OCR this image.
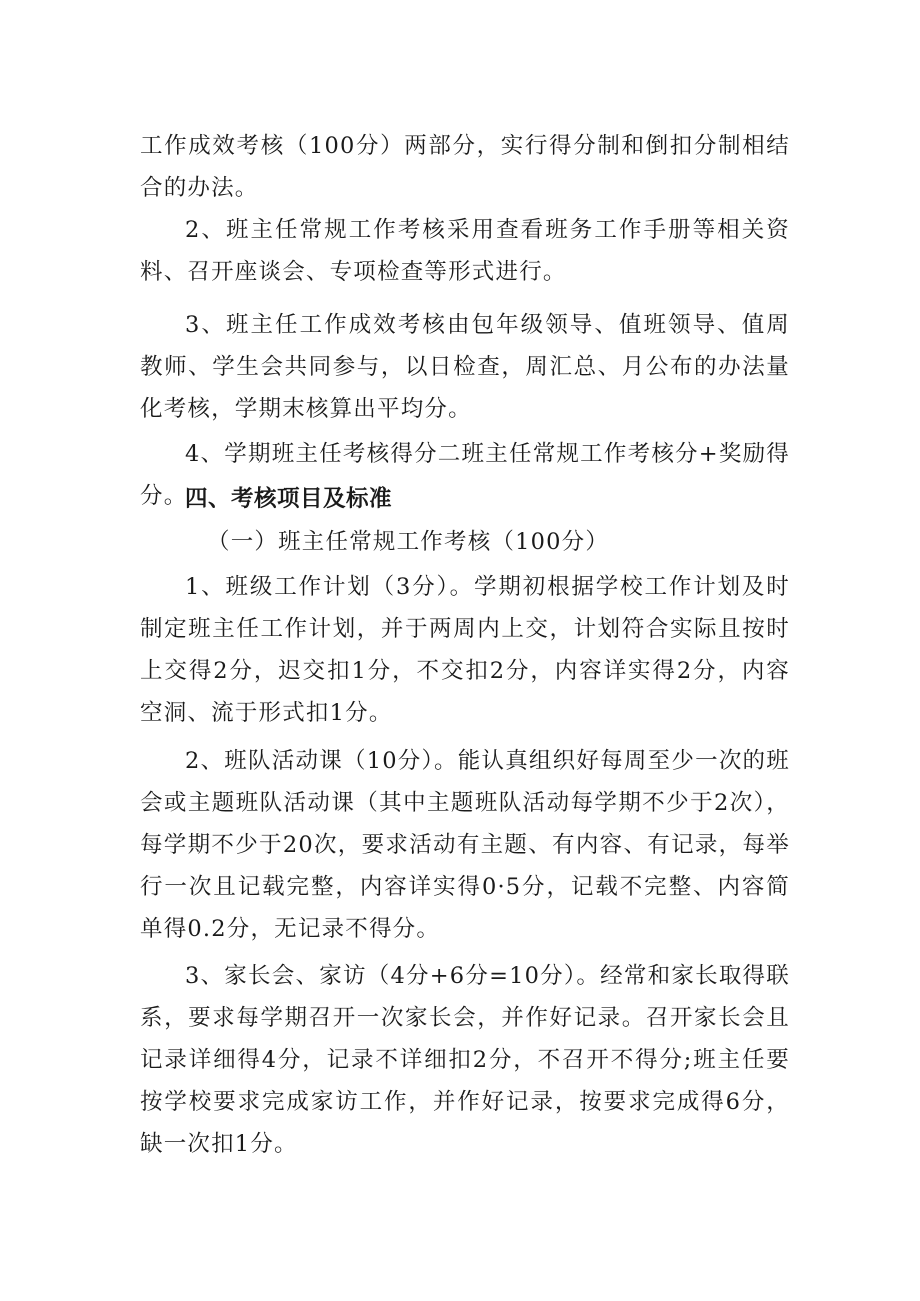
工作成效考核（100分）两部分，实行得分制和倒扣分制相结合的办法。

2、班主任常规工作考核采用查看班务工作手册等相关资料、召开座谈会、专项检查等形式进行。

3、班主任工作成效考核由包年级领导、值班领导、值周教师、学生会共同参与，以日检查，周汇总、月公布的办法量化考核，学期末核算出平均分。

4、学期班主任考核得分二班主任常规工作考核分+奖励得分。

四、考核项目及标准

（一）班主任常规工作考核（100分）

1、班级工作计划（3分）。学期初根据学校工作计划及时制定班主任工作计划，并于两周内上交，计划符合实际且按时上交得2分，迟交扣1分，不交扣2分，内容详实得2分，内容空洞、流于形式扣1分。

2、班队活动课（10分）。能认真组织好每周至少一次的班会或主题班队活动课（其中主题班队活动每学期不少于2次），每学期不少于20次，要求活动有主题、有内容、有记录，每举行一次且记载完整，内容详实得0·5分，记载不完整、内容简单得0.2分，无记录不得分。

3、家长会、家访（4分+6分=10分）。经常和家长取得联系，要求每学期召开一次家长会，并作好记录。召开家长会且记录详细得4分，记录不详细扣2分，不召开不得分;班主任要按学校要求完成家访工作，并作好记录，按要求完成得6分，缺一次扣1分。
